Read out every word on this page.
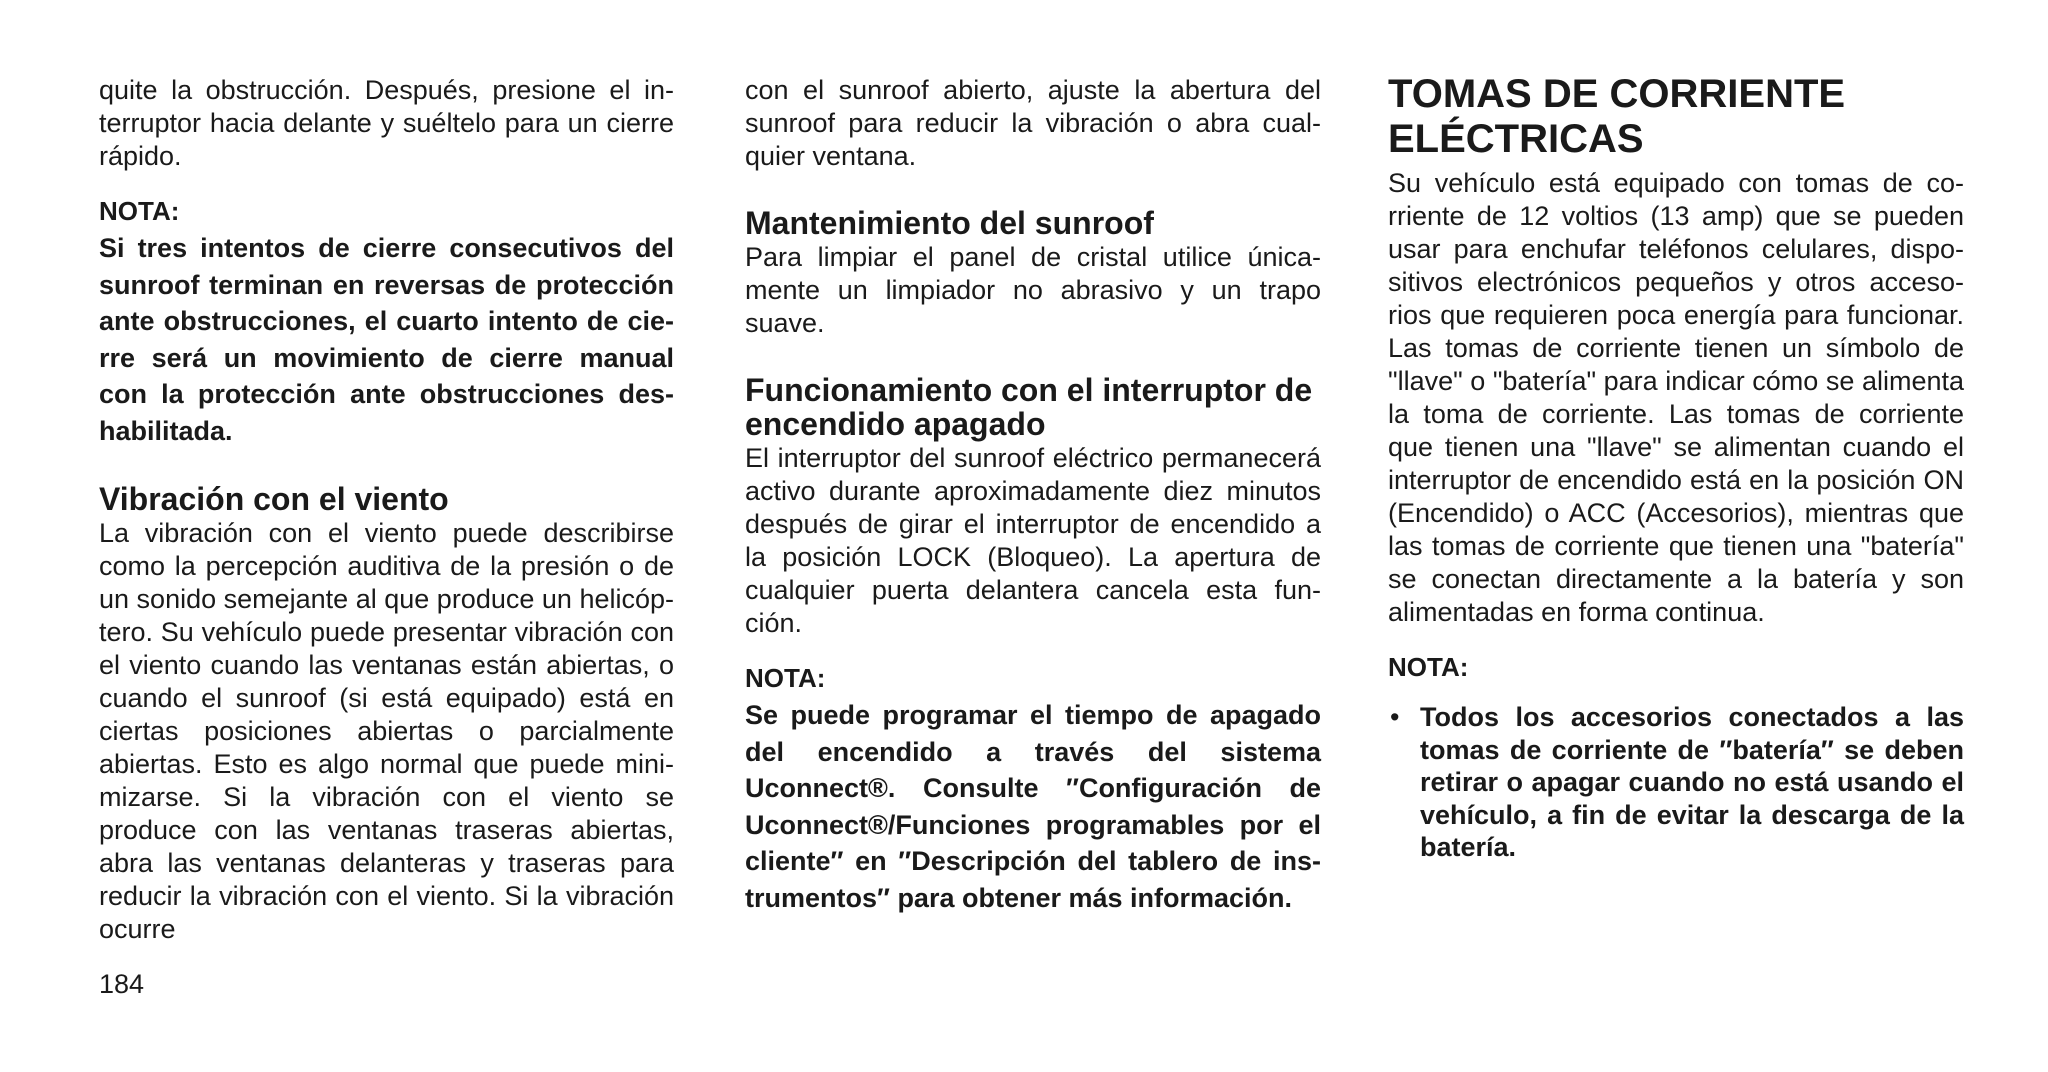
quite la obstrucción. Después, presione el in-terruptor hacia delante y suéltelo para un cierre rápido.

NOTA:

Si tres intentos de cierre consecutivos del sunroof terminan en reversas de protección ante obstrucciones, el cuarto intento de cie-rre será un movimiento de cierre manual con la protección ante obstrucciones des-habilitada.

Vibración con el viento

La vibración con el viento puede describirse como la percepción auditiva de la presión o de un sonido semejante al que produce un helicóp-tero. Su vehículo puede presentar vibración con el viento cuando las ventanas están abiertas, o cuando el sunroof (si está equipado) está en ciertas posiciones abiertas o parcialmente abiertas. Esto es algo normal que puede mini-mizarse. Si la vibración con el viento se produce con las ventanas traseras abiertas, abra las ventanas delanteras y traseras para reducir la vibración con el viento. Si la vibración ocurre

con el sunroof abierto, ajuste la abertura del sunroof para reducir la vibración o abra cual-quier ventana.

Mantenimiento del sunroof

Para limpiar el panel de cristal utilice única-mente un limpiador no abrasivo y un trapo suave.

Funcionamiento con el interruptor de encendido apagado

El interruptor del sunroof eléctrico permanecerá activo durante aproximadamente diez minutos después de girar el interruptor de encendido a la posición LOCK (Bloqueo). La apertura de cualquier puerta delantera cancela esta fun-ción.

NOTA:

Se puede programar el tiempo de apagado del encendido a través del sistema Uconnect®. Consulte ″Configuración de Uconnect®/Funciones programables por el cliente″ en ″Descripción del tablero de ins-trumentos″ para obtener más información.

TOMAS DE CORRIENTE ELÉCTRICAS

Su vehículo está equipado con tomas de co-rriente de 12 voltios (13 amp) que se pueden usar para enchufar teléfonos celulares, dispo-sitivos electrónicos pequeños y otros acceso-rios que requieren poca energía para funcionar. Las tomas de corriente tienen un símbolo de "llave" o "batería" para indicar cómo se alimenta la toma de corriente. Las tomas de corriente que tienen una "llave" se alimentan cuando el interruptor de encendido está en la posición ON (Encendido) o ACC (Accesorios), mientras que las tomas de corriente que tienen una "batería" se conectan directamente a la batería y son alimentadas en forma continua.

NOTA:
• Todos los accesorios conectados a las tomas de corriente de ″batería″ se deben retirar o apagar cuando no está usando el vehículo, a fin de evitar la descarga de la batería.
184
